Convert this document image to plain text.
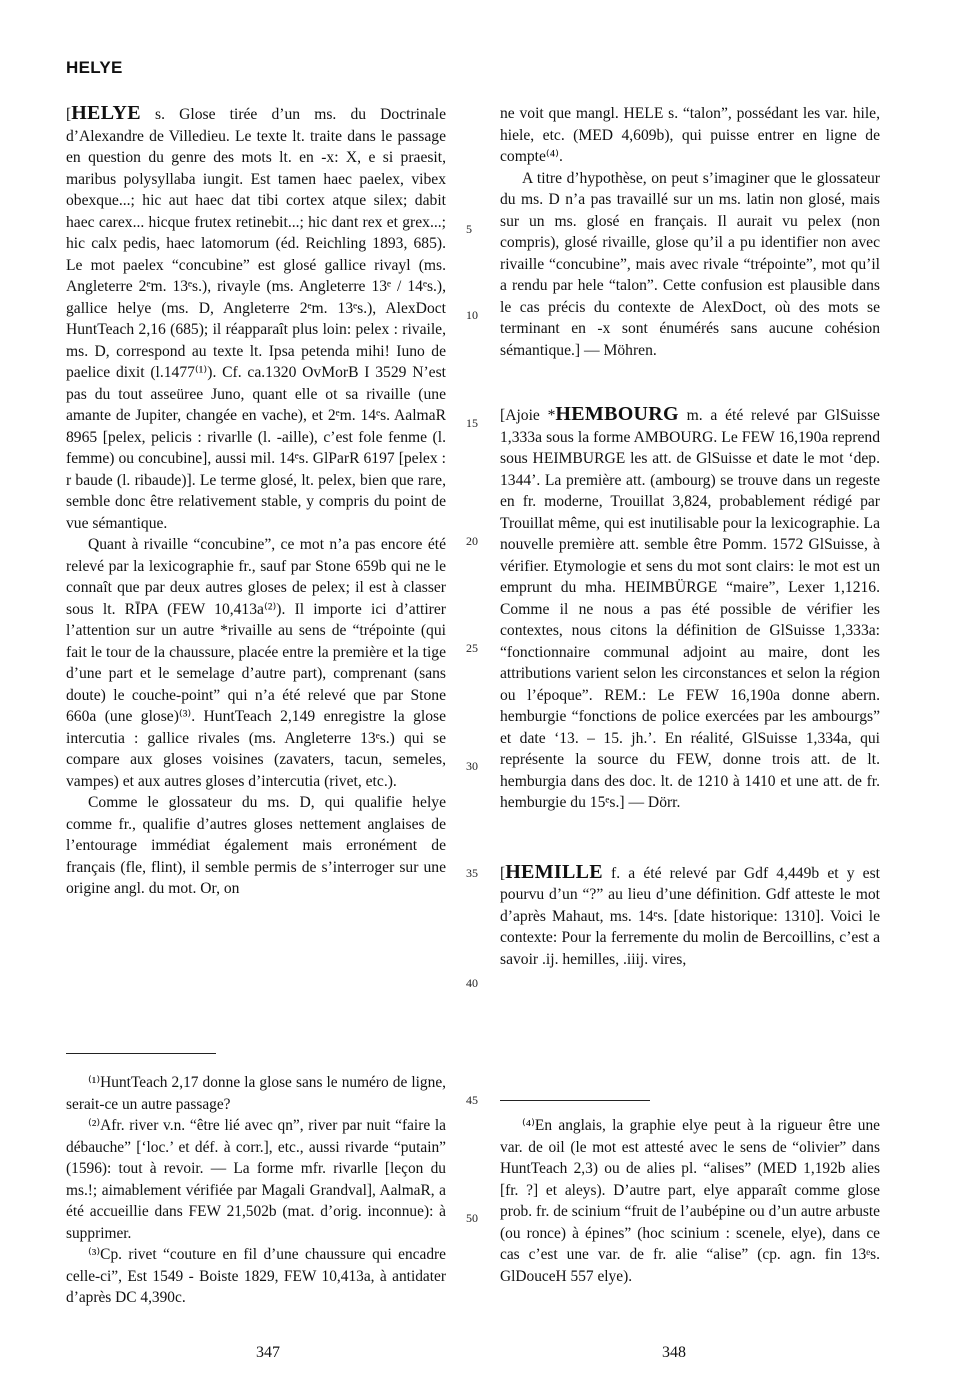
HELYE

[HELYE s. Glose tirée d’un ms. du Doctrinale d’Alexandre de Villedieu. Le texte lt. traite dans le passage en question du genre des mots lt. en -x: X, e si praesit, maribus polysyllaba iungit. Est tamen haec paelex, vibex obexque...; hic aut haec dat tibi cortex atque silex; dabit haec carex... hicque frutex retinebit...; hic dant rex et grex...; hic calx pedis, haec latomorum (éd. Reichling 1893, 685). Le mot paelex “concubine” est glosé gallice rivayl (ms. Angleterre 2ᵉm. 13ᵉs.), rivayle (ms. Angleterre 13ᵉ / 14ᵉs.), gallice helye (ms. D, Angleterre 2ᵉm. 13ᵉs.), AlexDoct HuntTeach 2,16 (685); il réapparaît plus loin: pelex : rivaile, ms. D, correspond au texte lt. Ipsa petenda mihi! Iuno de paelice dixit (l.1477⁽¹⁾). Cf. ca.1320 OvMorB I 3529 N’est pas du tout asseüree Juno, quant elle ot sa rivaille (une amante de Jupiter, changée en vache), et 2ᵉm. 14ᵉs. AalmaR 8965 [pelex, pelicis : rivarlle (l. -aille), c’est fole fenme (l. femme) ou concubine], aussi mil. 14ᵉs. GlParR 6197 [pelex : r baude (l. ribaude)]. Le terme glosé, lt. pelex, bien que rare, semble donc être relativement stable, y compris du point de vue sémantique.

Quant à rivaille “concubine”, ce mot n’a pas encore été relevé par la lexicographie fr., sauf par Stone 659b qui ne le connaît que par deux autres gloses de pelex; il est à classer sous lt. RĪPA (FEW 10,413a⁽²⁾). Il importe ici d’attirer l’attention sur un autre *rivaille au sens de “trépointe (qui fait le tour de la chaussure, placée entre la première et la tige d’une part et le semelage d’autre part), comprenant (sans doute) le couche-point” qui n’a été relevé que par Stone 660a (une glose)⁽³⁾. HuntTeach 2,149 enregistre la glose intercutia : gallice rivales (ms. Angleterre 13ᵉs.) qui se compare aux gloses voisines (zavaters, tacun, semeles, vampes) et aux autres gloses d’intercutia (rivet, etc.).

Comme le glossateur du ms. D, qui qualifie helye comme fr., qualifie d’autres gloses nettement anglaises de l’entourage immédiat également mais erronément de français (fle, flint), il semble permis de s’interroger sur une origine angl. du mot. Or, on

ne voit que mangl. HELE s. “talon”, possédant les var. hile, hiele, etc. (MED 4,609b), qui puisse entrer en ligne de compte⁽⁴⁾.

A titre d’hypothèse, on peut s’imaginer que le glossateur du ms. D n’a pas travaillé sur un ms. latin non glosé, mais sur un ms. glosé en français. Il aurait vu pelex (non compris), glosé rivaille, glose qu’il a pu identifier non avec rivaille “concubine”, mais avec rivale “trépointe”, mot qu’il a rendu par hele “talon”. Cette confusion est plausible dans le cas précis du contexte de AlexDoct, où des mots se terminant en -x sont énumérés sans aucune cohésion sémantique.] — Möhren.

[Ajoie *HEMBOURG m. a été relevé par GlSuisse 1,333a sous la forme AMBOURG. Le FEW 16,190a reprend sous HEIMBURGE les att. de GlSuisse et date le mot ‘dep. 1344’. La première att. (ambourg) se trouve dans un regeste en fr. moderne, Trouillat 3,824, probablement rédigé par Trouillat même, qui est inutilisable pour la lexicographie. La nouvelle première att. semble être Pomm. 1572 GlSuisse, à vérifier. Etymologie et sens du mot sont clairs: le mot est un emprunt du mha. HEIMBÜRGE “maire”, Lexer 1,1216. Comme il ne nous a pas été possible de vérifier les contextes, nous citons la définition de GlSuisse 1,333a: “fonctionnaire communal adjoint au maire, dont les attributions varient selon les circonstances et selon la région ou l’époque”. REM.: Le FEW 16,190a donne abern. hemburgie “fonctions de police exercées par les ambourgs” et date ‘13. – 15. jh.’. En réalité, GlSuisse 1,334a, qui représente la source du FEW, donne trois att. de lt. hemburgia dans des doc. lt. de 1210 à 1410 et une att. de fr. hemburgie du 15ᵉs.] — Dörr.

[HEMILLE f. a été relevé par Gdf 4,449b et y est pourvu d’un “?” au lieu d’une définition. Gdf atteste le mot d’après Mahaut, ms. 14ᵉs. [date historique: 1310]. Voici le contexte: Pour la ferremente du molin de Bercoillins, c’est a savoir .ij. hemilles, .iiij. vires,

⁽¹⁾HuntTeach 2,17 donne la glose sans le numéro de ligne, serait-ce un autre passage?

⁽²⁾Afr. river v.n. “être lié avec qn”, river par nuit “faire la débauche” [‘loc.’ et déf. à corr.], etc., aussi rivarde “putain” (1596): tout à revoir. — La forme mfr. rivarlle [leçon du ms.!; aimablement vérifiée par Magali Grandval], AalmaR, a été accueillie dans FEW 21,502b (mat. d’orig. inconnue): à supprimer.

⁽³⁾Cp. rivet “couture en fil d’une chaussure qui encadre celle-ci”, Est 1549 - Boiste 1829, FEW 10,413a, à antidater d’après DC 4,390c.

⁽⁴⁾En anglais, la graphie elye peut à la rigueur être une var. de oil (le mot est attesté avec le sens de “olivier” dans HuntTeach 2,3) ou de alies pl. “alises” (MED 1,192b alies [fr. ?] et aleys). D’autre part, elye apparaît comme glose prob. fr. de scinium “fruit de l’aubépine ou d’un autre arbuste (ou ronce) à épines” (hoc scinium : scenele, elye), dans ce cas c’est une var. de fr. alie “alise” (cp. agn. fin 13ᵉs. GlDouceH 557 elye).

5
10
15
20
25
30
35
40
45
50
347	348
